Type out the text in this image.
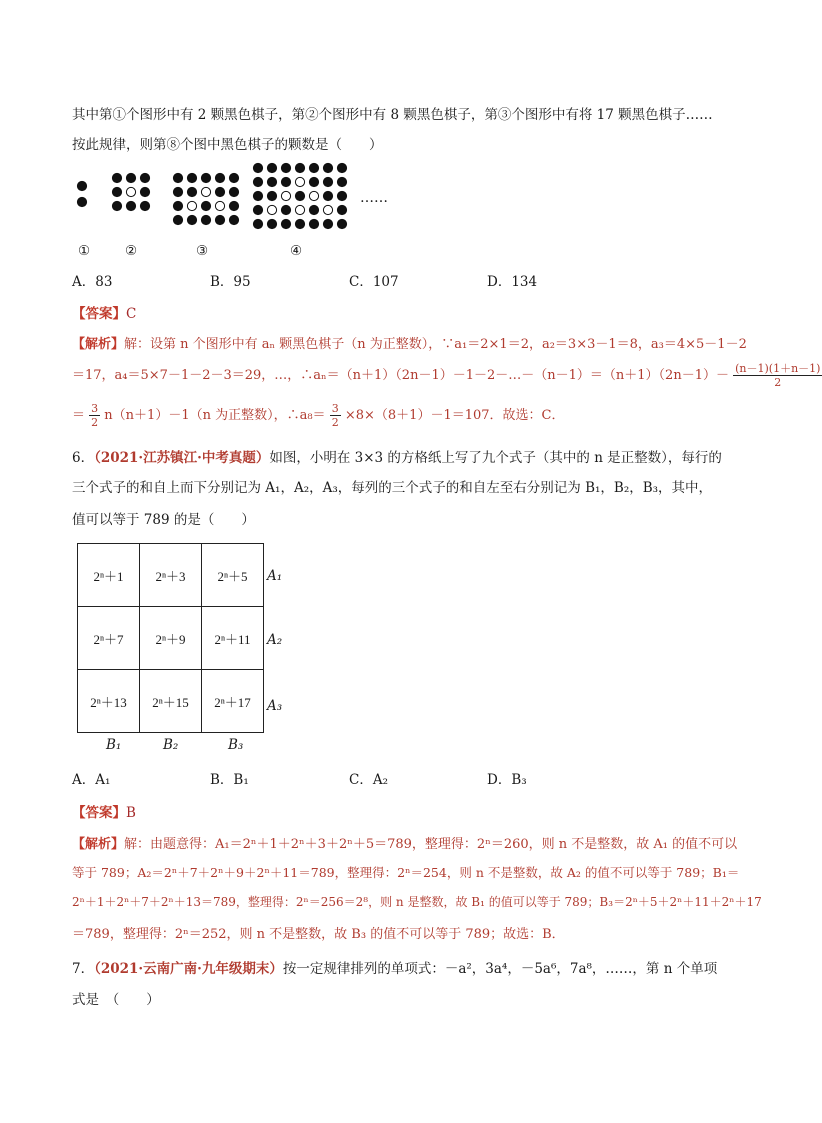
其中第①个图形中有 2 颗黑色棋子，第②个图形中有 8 颗黑色棋子，第③个图形中有将 17 颗黑色棋子……
按此规律，则第⑧个图中黑色棋子的颗数是（　　）
……
①	②	③	④
A．83	B．95	C．107	D．134
【答案】C
【解析】解：设第 n 个图形中有 aₙ 颗黑色棋子（n 为正整数），∵a₁＝2×1＝2，a₂＝3×3－1＝8，a₃＝4×5－1－2
＝17，a₄＝5×7－1－2－3＝29，…，∴aₙ＝（n＋1）（2n－1）－1－2－…－（n－1）＝（n＋1）（2n－1）－ $\frac{(n-1)(1+n-1)}{2}$
＝ $\frac{3}{2} n(n+1)-1(n$ 为正整数），∴a₈＝ $\frac{3}{2} \times 8\times(8+1)-1=107$．故选：C．
6．（2021·江苏镇江·中考真题）如图，小明在 3×3 的方格纸上写了九个式子（其中的 n 是正整数），每行的
三个式子的和自上而下分别记为 A₁，A₂，A₃，每列的三个式子的和自左至右分别记为 B₁，B₂，B₃，其中，
值可以等于 789 的是（　　）
2ⁿ＋1	2ⁿ＋3	2ⁿ＋5
2ⁿ＋7	2ⁿ＋9	2ⁿ＋11
2ⁿ＋13	2ⁿ＋15	2ⁿ＋17
A₁
A₂
A₃
B₁	B₂	B₃
A．A₁	B．B₁	C．A₂	D．B₃
【答案】B
【解析】解：由题意得：A₁＝2ⁿ＋1＋2ⁿ＋3＋2ⁿ＋5＝789，整理得：2ⁿ＝260，则 n 不是整数，故 A₁ 的值不可以
等于 789；A₂＝2ⁿ＋7＋2ⁿ＋9＋2ⁿ＋11＝789，整理得：2ⁿ＝254，则 n 不是整数，故 A₂ 的值不可以等于 789；B₁＝
2ⁿ＋1＋2ⁿ＋7＋2ⁿ＋13＝789，整理得：2ⁿ＝256＝2⁸，则 n 是整数，故 B₁ 的值可以等于 789；B₃＝2ⁿ＋5＋2ⁿ＋11＋2ⁿ＋17
＝789，整理得：2ⁿ＝252，则 n 不是整数，故 B₃ 的值不可以等于 789；故选：B．
7．（2021·云南广南·九年级期末）按一定规律排列的单项式：－a²，3a⁴，－5a⁶，7a⁸，……，第 n 个单项
式是　（　　）
